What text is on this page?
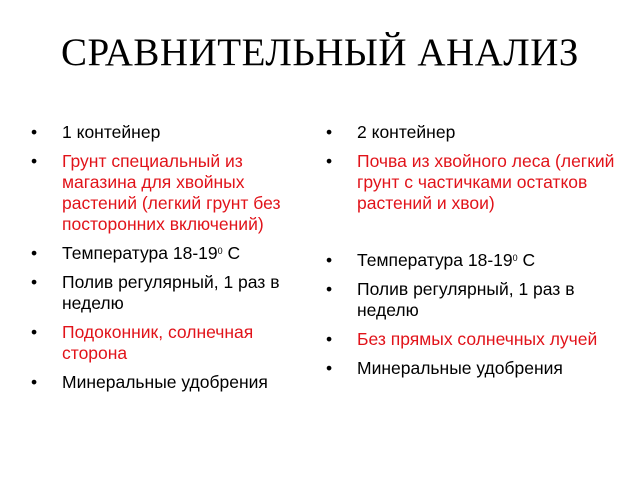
СРАВНИТЕЛЬНЫЙ АНАЛИЗ
• 1 контейнер
• Грунт специальный из магазина для хвойных растений (легкий грунт без посторонних включений)
• Температура $18-19^0$ С
• Полив регулярный, 1 раз в неделю
• Подоконник, солнечная сторона
• Минеральные удобрения
• 2 контейнер
• Почва из хвойного леса (легкий грунт с частичками остатков растений и хвои)
• Температура $18-19^0$ С
• Полив регулярный, 1 раз в неделю
• Без прямых солнечных лучей
• Минеральные удобрения
